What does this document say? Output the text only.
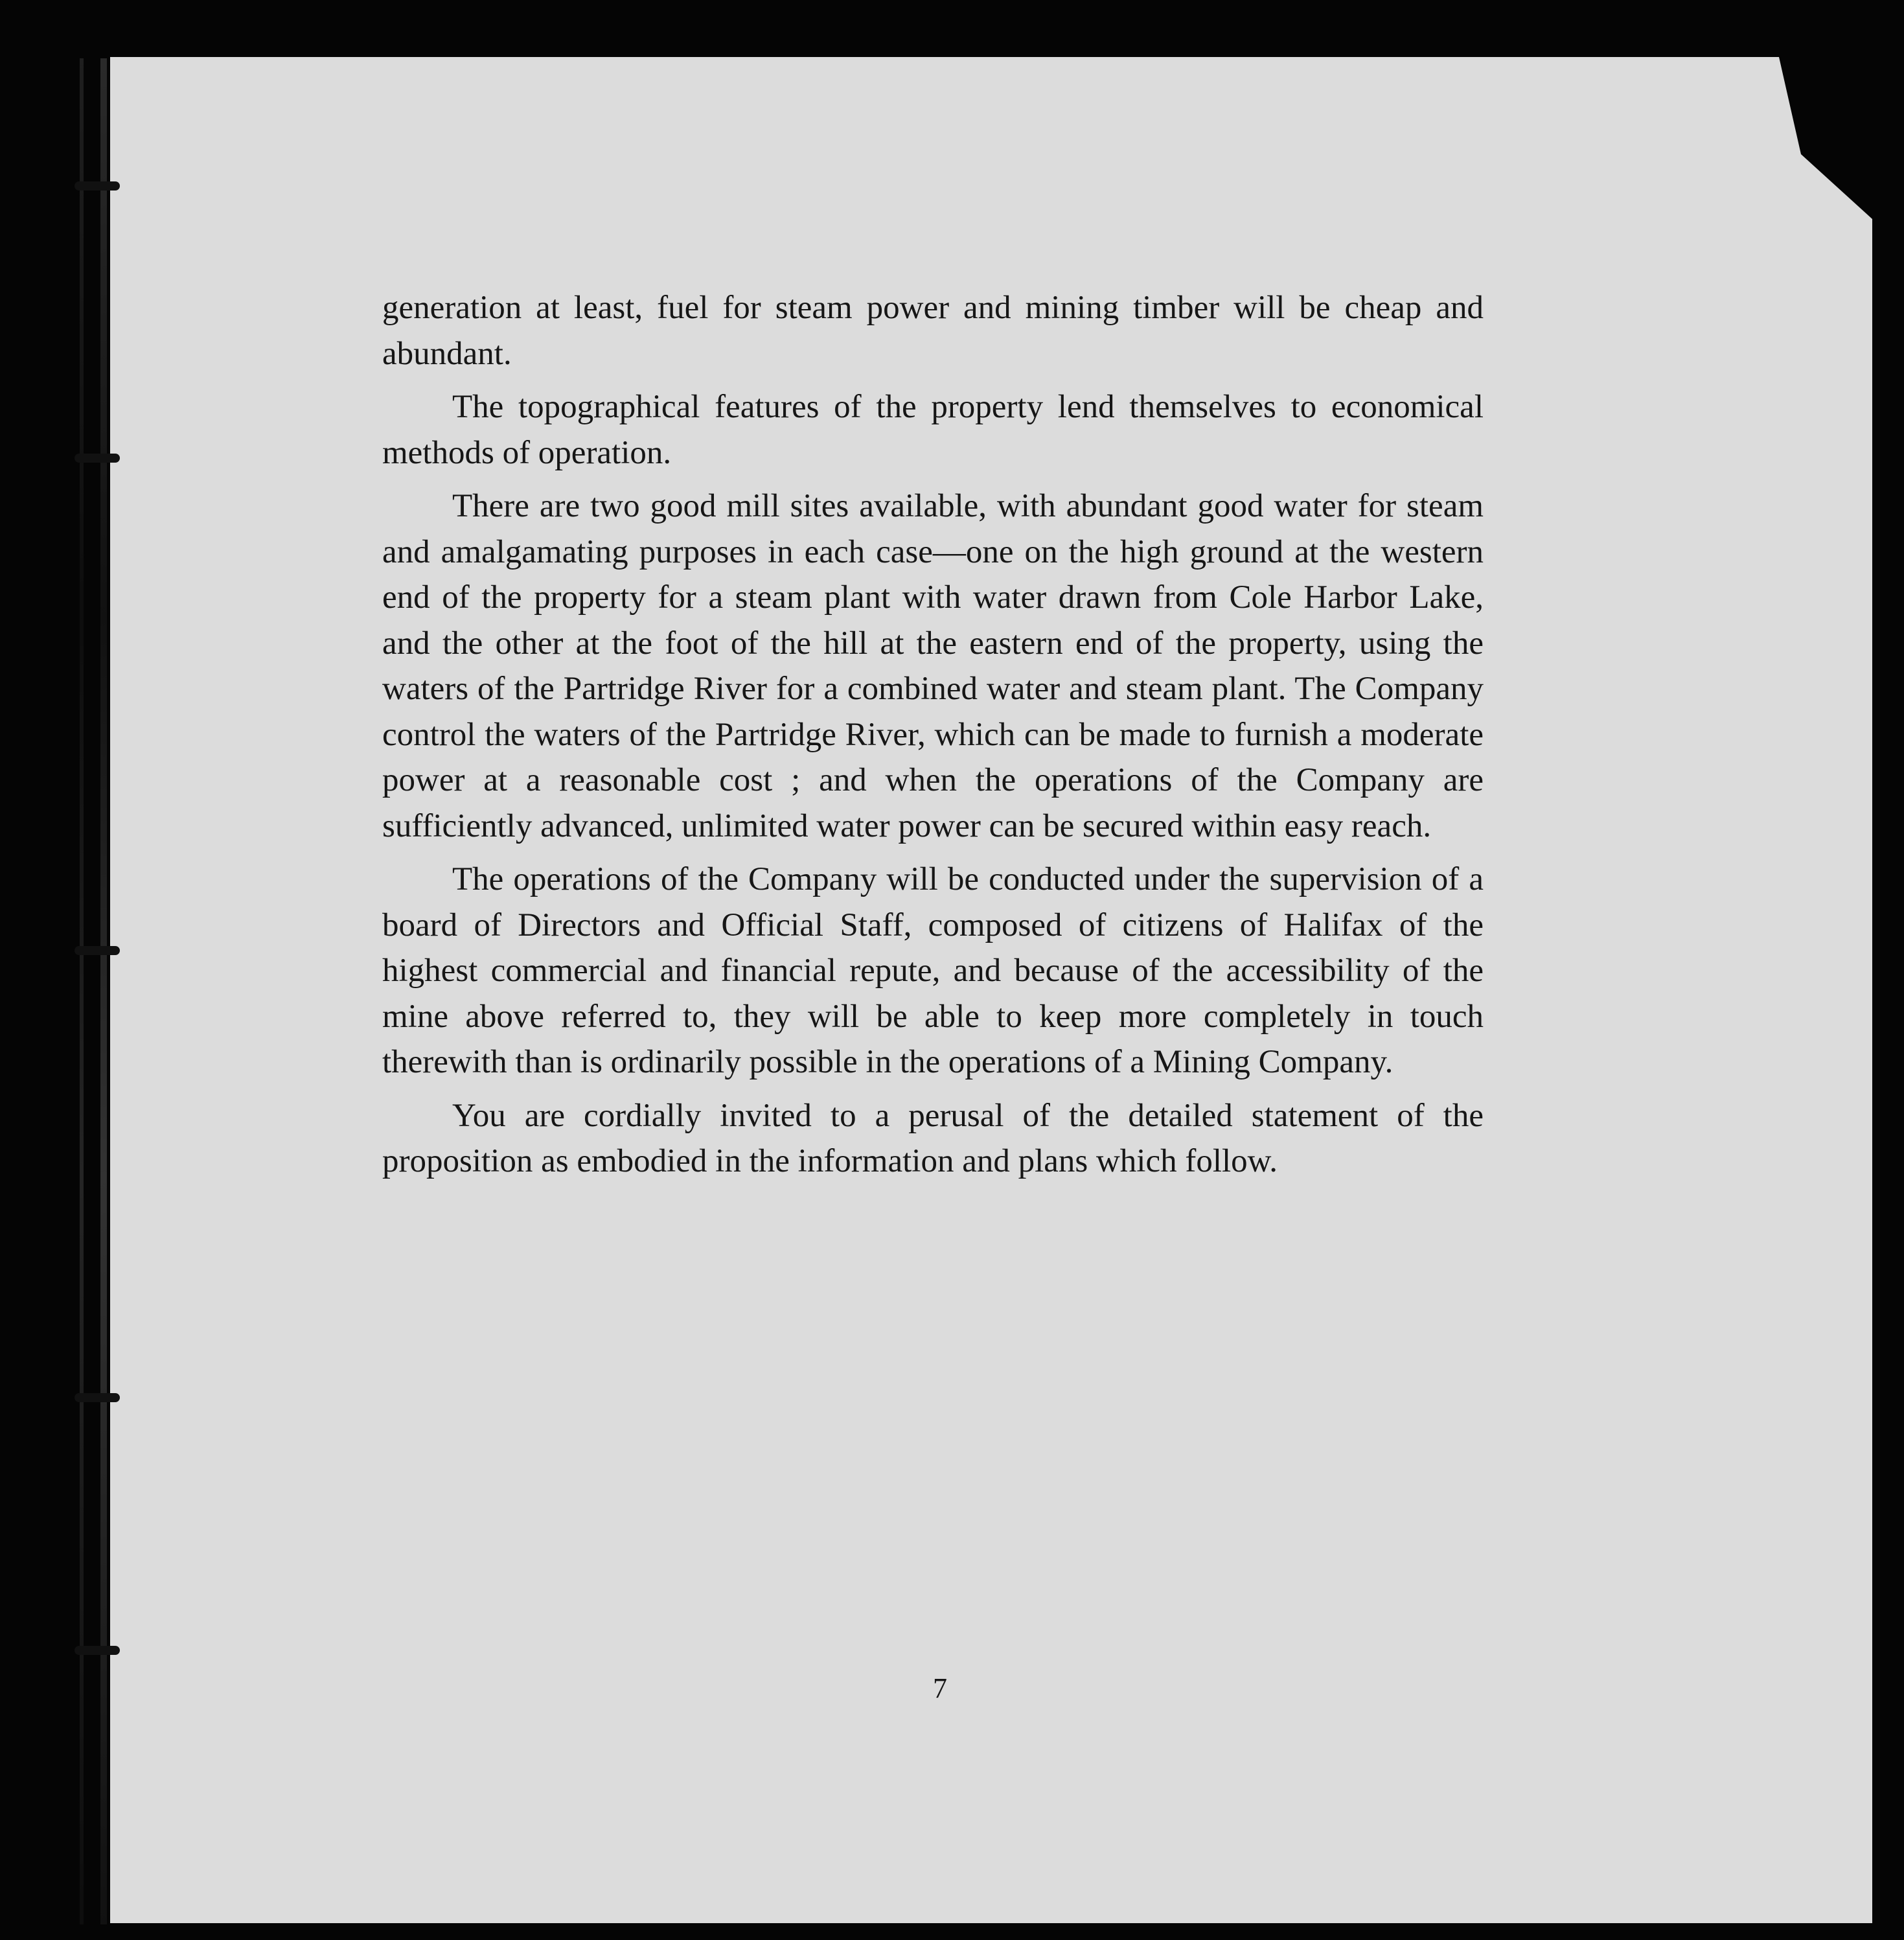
generation at least, fuel for steam power and mining timber will be cheap and abundant.

The topographical features of the property lend themselves to economical methods of operation.

There are two good mill sites available, with abundant good water for steam and amalgamating purposes in each case—one on the high ground at the western end of the property for a steam plant with water drawn from Cole Harbor Lake, and the other at the foot of the hill at the eastern end of the property, using the waters of the Partridge River for a combined water and steam plant. The Company control the waters of the Partridge River, which can be made to furnish a moderate power at a reasonable cost ; and when the operations of the Company are sufficiently advanced, unlimited water power can be secured within easy reach.

The operations of the Company will be conducted under the supervision of a board of Directors and Official Staff, composed of citizens of Halifax of the highest commercial and financial repute, and because of the accessibility of the mine above referred to, they will be able to keep more completely in touch therewith than is ordinarily possible in the operations of a Mining Company.

You are cordially invited to a perusal of the detailed statement of the proposition as embodied in the information and plans which follow.

7
